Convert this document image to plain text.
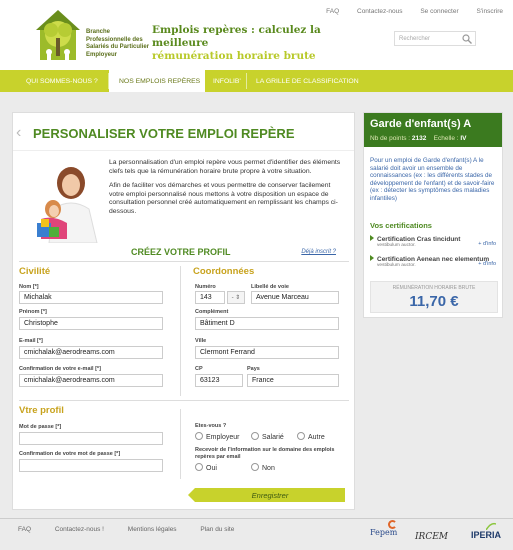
Branche Professionnelle des Salariés du Particulier Employeur
Emplois repères : calculez la meilleure
rémunération horaire brute
FAQ	Contactez-nous	Se connecter	S'inscrire
Rechercher
QUI SOMMES-NOUS ?	NOS EMPLOIS REPÈRES	INFOLIB' LA GRILLE DE CLASSIFICATION
‹ PERSONALISER VOTRE EMPLOI REPÈRE

La personnalisation d'un emploi repère vous permet d'identifier des éléments clefs tels que la rémunération horaire brute propre à votre situation.

Afin de faciliter vos démarches et vous permettre de conserver facilement votre emploi personnalisé nous mettons à votre disposition un espace de consultation personnel créé automatiquement en remplissant les champs ci-dessous.

CRÉEZ VOTRE PROFIL	Déjà inscrit ?
Civilité
Nom [*]
Michalak
Prénom [*]
Christophe
E-mail [*]
cmichalak@aerodreams.com
Confirmation de votre e-mail [*]
cmichalak@aerodreams.com
Coordonnées
Numéro
143	- ⇕
Libellé de voie
Avenue Marceau
Complément
Bâtiment D
Ville
Clermont Ferrand
CP
63123
Pays
France
Vtre profil
Mot de passe [*]
Confirmation de votre mot de passe [*]
Etes-vous ?
Employeur	Salarié	Autre
Recevoir de l'information sur le domaine des emplois repères par email
Oui	Non
Enregistrer
Garde d'enfant(s) A
Nb de points : 2132 Echelle : IV
Pour un emploi de Garde d'enfant(s) A le salarié doit avoir un ensemble de connaissances (ex : les différents stades de développement de l'enfant) et de savoir-faire (ex : détecter les symptômes des maladies infantiles)
Vos certifications
Certification Cras tincidunt
vestibulum auctor.	+ d'info
Certification Aenean nec elementum
vestibulum auctor.	+ d'info
RÉMUNÉRATION HORAIRE BRUTE
11,70 €
FAQ	Contactez-nous !	Mentions légales	Plan du site	Fepem IRCEM	IPERIA
